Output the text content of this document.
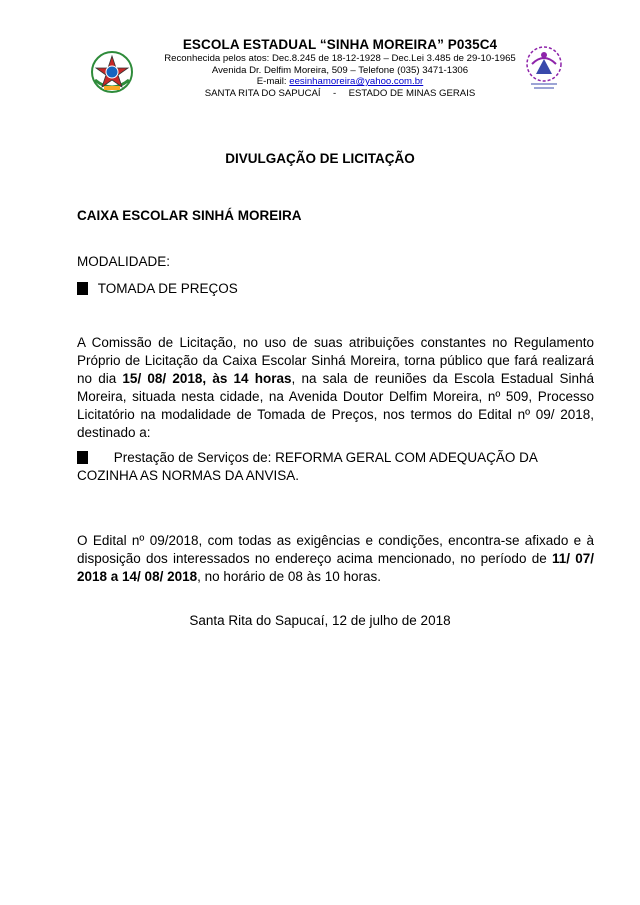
ESCOLA ESTADUAL “SINHA MOREIRA” P035C4
Reconhecida pelos atos: Dec.8.245 de 18-12-1928 – Dec.Lei 3.485 de 29-10-1965
Avenida Dr. Delfim Moreira, 509 – Telefone (035) 3471-1306
E-mail: eesinhamoreira@yahoo.com.br
SANTA RITA DO SAPUCAÍ - ESTADO DE MINAS GERAIS
DIVULGAÇÃO DE LICITAÇÃO
CAIXA ESCOLAR SINHÁ MOREIRA
MODALIDADE:
TOMADA DE PREÇOS
A Comissão de Licitação, no uso de suas atribuições constantes no Regulamento Próprio de Licitação da Caixa Escolar Sinhá Moreira, torna público que fará realizará no dia 15/ 08/ 2018, às 14 horas, na sala de reuniões da Escola Estadual Sinhá Moreira, situada nesta cidade, na Avenida Doutor Delfim Moreira, nº 509, Processo Licitatório na modalidade de Tomada de Preços, nos termos do Edital nº 09/ 2018, destinado a:
Prestação de Serviços de: REFORMA GERAL COM ADEQUAÇÃO DA COZINHA AS NORMAS DA ANVISA.
O Edital nº 09/2018, com todas as exigências e condições, encontra-se afixado e à disposição dos interessados no endereço acima mencionado, no período de 11/ 07/ 2018 a 14/ 08/ 2018, no horário de 08 às 10 horas.
Santa Rita do Sapucaí, 12 de julho de 2018
